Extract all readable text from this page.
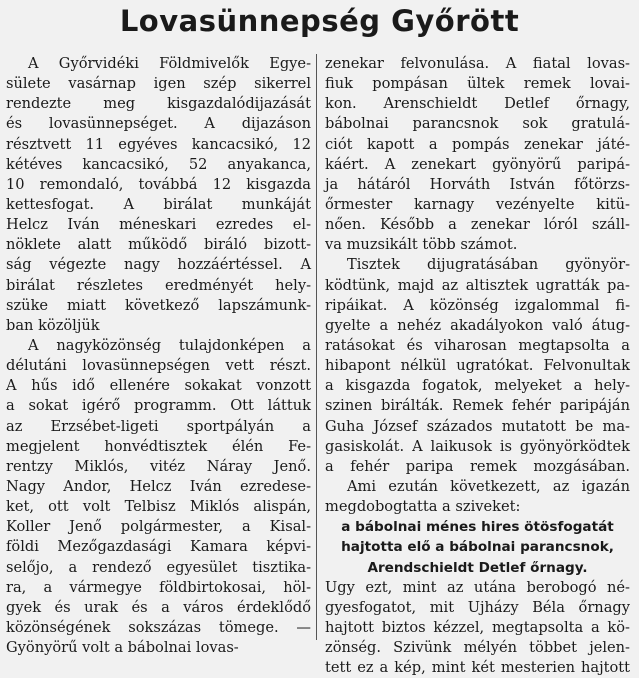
Lovasünnepség Győrött
A Győrvidéki Földmivelők Egye-
sülete vasárnap igen szép sikerrel
rendezte meg kisgazdalódijazását
és lovasünnepséget. A dijazáson
résztvett 11 egyéves kancacsikó, 12
kétéves kancacsikó, 52 anyakanca,
10 remondaló, továbbá 12 kisgazda
kettesfogat. A birálat munkáját
Helcz Iván méneskari ezredes el-
nöklete alatt működő biráló bizott-
ság végezte nagy hozzáértéssel. A
birálat részletes eredményét hely-
szüke miatt következő lapszámunk-
ban közöljük
A nagyközönség tulajdonképen a
délutáni lovasünnepségen vett részt.
A hűs idő ellenére sokakat vonzott
a sokat igérő programm. Ott láttuk
az Erzsébet-ligeti sportpályán a
megjelent honvédtisztek élén Fe-
rentzy Miklós, vitéz Náray Jenő.
Nagy Andor, Helcz Iván ezredese-
ket, ott volt Telbisz Miklós alispán,
Koller Jenő polgármester, a Kisal-
földi Mezőgazdasági Kamara képvi-
selőjo, a rendező egyesület tisztika-
ra, a vármegye földbirtokosai, höl-
gyek és urak és a város érdeklődő
közönségének sokszázas tömege. —
Gyönyörű volt a bábolnai lovas-
zenekar felvonulása. A fiatal lovas-
fiuk pompásan ültek remek lovai-
kon. Arenschieldt Detlef őrnagy,
bábolnai parancsnok sok gratulá-
ciót kapott a pompás zenekar játé-
káért. A zenekart gyönyörű paripá-
ja hátáról Horváth István főtörzs-
őrmester karnagy vezényelte kitü-
nően. Később a zenekar lóról száll-
va muzsikált több számot.
Tisztek dijugratásában gyönyör-
ködtünk, majd az altisztek ugratták pa-
ripáikat. A közönség izgalommal fi-
gyelte a nehéz akadályokon való átug-
ratásokat és viharosan megtapsolta a
hibapont nélkül ugratókat. Felvonultak
a kisgazda fogatok, melyeket a hely-
szinen birálták. Remek fehér paripáján
Guha József százados mutatott be ma-
gasiskolát. A laikusok is gyönyörködtek
a fehér paripa remek mozgásában.
Ami ezután következett, az igazán
megdobogtatta a sziveket:
a bábolnai ménes hires ötösfogatát
hajtotta elő a bábolnai parancsnok,
Arendschieldt Detlef őrnagy.
Ugy ezt, mint az utána berobogó né-
gyesfogatot, mit Ujházy Béla őrnagy
hajtott biztos kézzel, megtapsolta a kö-
zönség. Szivünk mélyén többet jelen-
tett ez a kép, mint két mesterien hajtott
